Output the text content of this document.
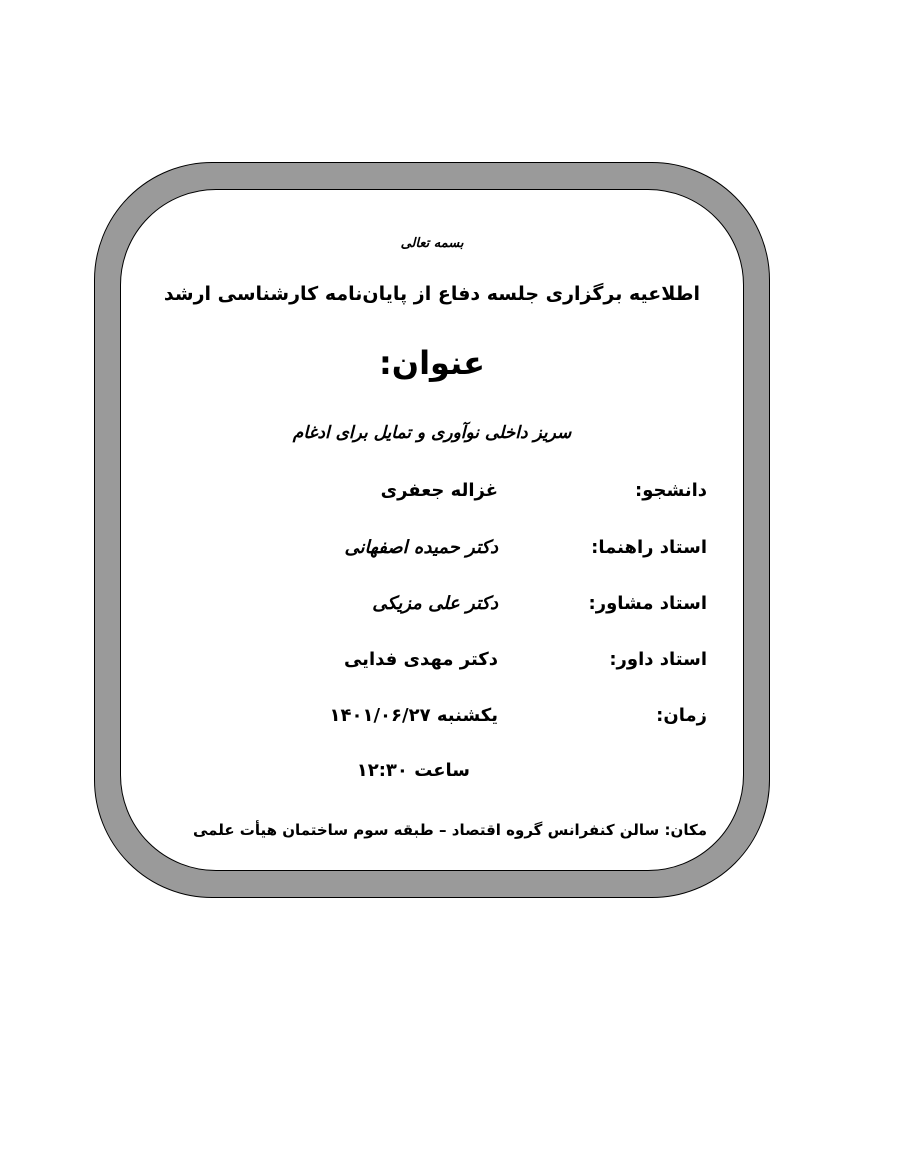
بسمه تعالی
اطلاعیه برگزاری جلسه دفاع از پایان‌نامه کارشناسی ارشد
عنوان:
سریز داخلی نوآوری و تمایل برای ادغام
دانشجو:
غزاله جعفری
استاد راهنما:
دکتر حمیده اصفهانی
استاد مشاور:
دکتر علی مزیکی
استاد داور:
دکتر مهدی فدایی
زمان:
یکشنبه ۱۴۰۱/۰۶/۲۷
ساعت ۱۲:۳۰
مکان: سالن کنفرانس گروه اقتصاد – طبقه سوم ساختمان هیأت علمی
